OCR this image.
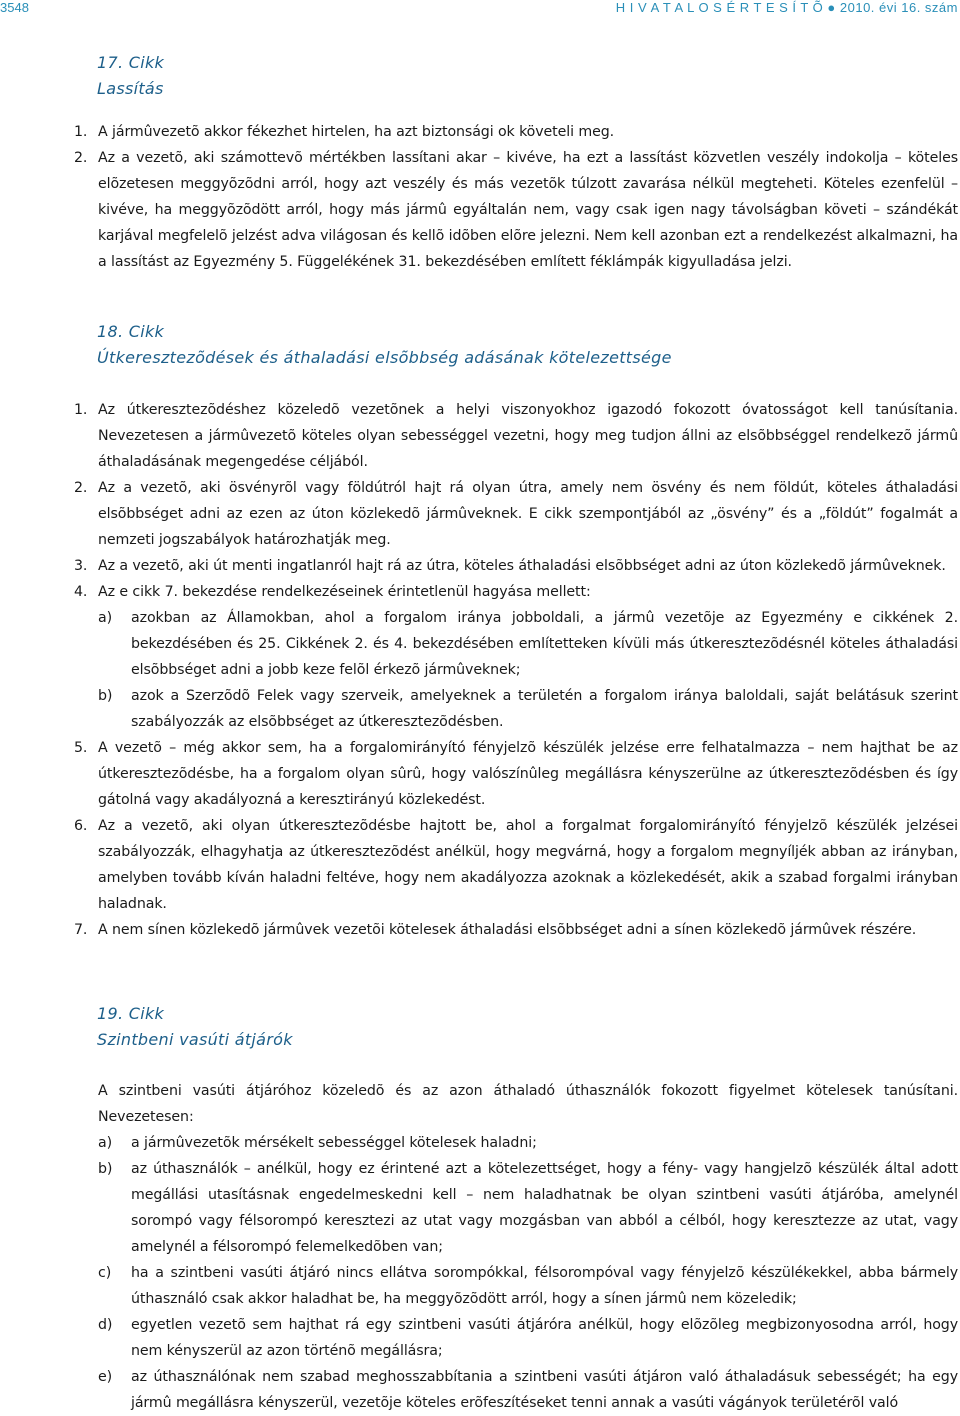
3548	H I V A T A L O S É R T E S Í T Õ ● 2010. évi 16. szám
17. Cikk
Lassítás
1. A jármûvezetõ akkor fékezhet hirtelen, ha azt biztonsági ok követeli meg.
2. Az a vezetõ, aki számottevõ mértékben lassítani akar – kivéve, ha ezt a lassítást közvetlen veszély indokolja – köteles elõzetesen meggyõzõdni arról, hogy azt veszély és más vezetõk túlzott zavarása nélkül megteheti. Köteles ezenfelül – kivéve, ha meggyõzõdött arról, hogy más jármû egyáltalán nem, vagy csak igen nagy távolságban követi – szándékát karjával megfelelõ jelzést adva világosan és kellõ idõben elõre jelezni. Nem kell azonban ezt a rendelkezést alkalmazni, ha a lassítást az Egyezmény 5. Függelékének 31. bekezdésében említett féklámpák kigyulladása jelzi.
18. Cikk
Útkeresztezõdések és áthaladási elsõbbség adásának kötelezettsége
1. Az útkeresztezõdéshez közeledõ vezetõnek a helyi viszonyokhoz igazodó fokozott óvatosságot kell tanúsítania. Nevezetesen a jármûvezetõ köteles olyan sebességgel vezetni, hogy meg tudjon állni az elsõbbséggel rendelkezõ jármû áthaladásának megengedése céljából.
2. Az a vezetõ, aki ösvényrõl vagy földútról hajt rá olyan útra, amely nem ösvény és nem földút, köteles áthaladási elsõbbséget adni az ezen az úton közlekedõ jármûveknek. E cikk szempontjából az „ösvény” és a „földút” fogalmát a nemzeti jogszabályok határozhatják meg.
3. Az a vezetõ, aki út menti ingatlanról hajt rá az útra, köteles áthaladási elsõbbséget adni az úton közlekedõ jármûveknek.
4. Az e cikk 7. bekezdése rendelkezéseinek érintetlenül hagyása mellett:
a) azokban az Államokban, ahol a forgalom iránya jobboldali, a jármû vezetõje az Egyezmény e cikkének 2. bekezdésében és 25. Cikkének 2. és 4. bekezdésében említetteken kívüli más útkeresztezõdésnél köteles áthaladási elsõbbséget adni a jobb keze felõl érkezõ jármûveknek;
b) azok a Szerzõdõ Felek vagy szerveik, amelyeknek a területén a forgalom iránya baloldali, saját belátásuk szerint szabályozzák az elsõbbséget az útkeresztezõdésben.
5. A vezetõ – még akkor sem, ha a forgalomirányító fényjelzõ készülék jelzése erre felhatalmazza – nem hajthat be az útkeresztezõdésbe, ha a forgalom olyan sûrû, hogy valószínûleg megállásra kényszerülne az útkeresztezõdésben és így gátolná vagy akadályozná a keresztirányú közlekedést.
6. Az a vezetõ, aki olyan útkeresztezõdésbe hajtott be, ahol a forgalmat forgalomirányító fényjelzõ készülék jelzései szabályozzák, elhagyhatja az útkeresztezõdést anélkül, hogy megvárná, hogy a forgalom megnyíljék abban az irányban, amelyben tovább kíván haladni feltéve, hogy nem akadályozza azoknak a közlekedését, akik a szabad forgalmi irányban haladnak.
7. A nem sínen közlekedõ jármûvek vezetõi kötelesek áthaladási elsõbbséget adni a sínen közlekedõ jármûvek részére.
19. Cikk
Szintbeni vasúti átjárók
A szintbeni vasúti átjáróhoz közeledõ és az azon áthaladó úthasználók fokozott figyelmet kötelesek tanúsítani. Nevezetesen:
a) a jármûvezetõk mérsékelt sebességgel kötelesek haladni;
b) az úthasználók – anélkül, hogy ez érintené azt a kötelezettséget, hogy a fény- vagy hangjelzõ készülék által adott megállási utasításnak engedelmeskedni kell – nem haladhatnak be olyan szintbeni vasúti átjáróba, amelynél sorompó vagy félsorompó keresztezi az utat vagy mozgásban van abból a célból, hogy keresztezze az utat, vagy amelynél a félsorompó felemelkedõben van;
c) ha a szintbeni vasúti átjáró nincs ellátva sorompókkal, félsorompóval vagy fényjelzõ készülékekkel, abba bármely úthasználó csak akkor haladhat be, ha meggyõzõdött arról, hogy a sínen jármû nem közeledik;
d) egyetlen vezetõ sem hajthat rá egy szintbeni vasúti átjáróra anélkül, hogy elõzõleg megbizonyosodna arról, hogy nem kényszerül az azon történõ megállásra;
e) az úthasználónak nem szabad meghosszabbítania a szintbeni vasúti átjáron való áthaladásuk sebességét; ha egy jármû megállásra kényszerül, vezetõje köteles erõfeszítéseket tenni annak a vasúti vágányok területérõl való
